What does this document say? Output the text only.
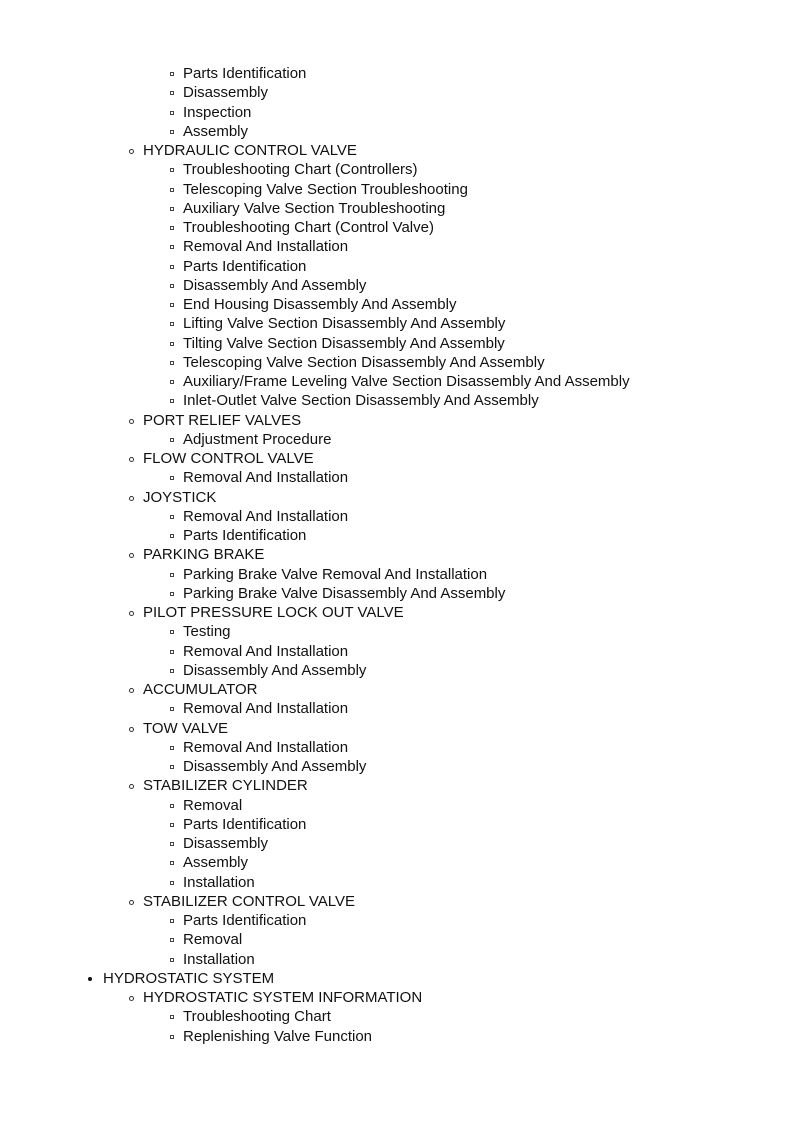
Parts Identification
Disassembly
Inspection
Assembly
HYDRAULIC CONTROL VALVE
Troubleshooting Chart (Controllers)
Telescoping Valve Section Troubleshooting
Auxiliary Valve Section Troubleshooting
Troubleshooting Chart (Control Valve)
Removal And Installation
Parts Identification
Disassembly And Assembly
End Housing Disassembly And Assembly
Lifting Valve Section Disassembly And Assembly
Tilting Valve Section Disassembly And Assembly
Telescoping Valve Section Disassembly And Assembly
Auxiliary/Frame Leveling Valve Section Disassembly And Assembly
Inlet-Outlet Valve Section Disassembly And Assembly
PORT RELIEF VALVES
Adjustment Procedure
FLOW CONTROL VALVE
Removal And Installation
JOYSTICK
Removal And Installation
Parts Identification
PARKING BRAKE
Parking Brake Valve Removal And Installation
Parking Brake Valve Disassembly And Assembly
PILOT PRESSURE LOCK OUT VALVE
Testing
Removal And Installation
Disassembly And Assembly
ACCUMULATOR
Removal And Installation
TOW VALVE
Removal And Installation
Disassembly And Assembly
STABILIZER CYLINDER
Removal
Parts Identification
Disassembly
Assembly
Installation
STABILIZER CONTROL VALVE
Parts Identification
Removal
Installation
HYDROSTATIC SYSTEM
HYDROSTATIC SYSTEM INFORMATION
Troubleshooting Chart
Replenishing Valve Function
